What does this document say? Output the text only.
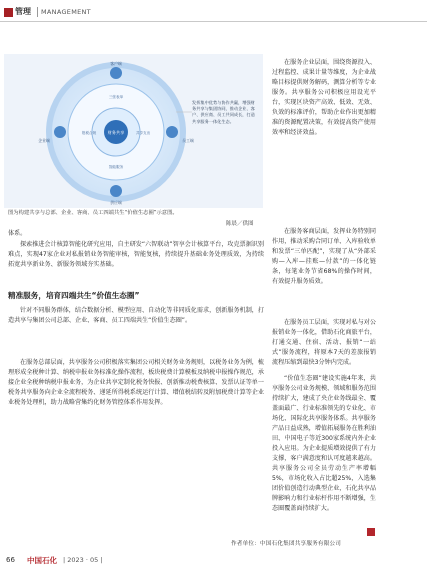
管理 MANAGEMENT
财务共享
客户端
企业端	员工端
供应端
三张表单
报税合规	共享支出
智能服务
发挥集中优势与协作共赢，增强财务共享与集团协同，推动企业、客户、供应商、员工共同成长，打造共享服务一体化生态。
图为构建共享与总部、企业、客商、员工四端共生“价值生态圈”示意图。
陈晨／供图
体系。
探索推进会计核算智能化研究应用，自主研发“六智联动”智享会计核算平台，攻克票据识别难点，实现47家企业对私报销业务智能审核，智能复核，持续提升基础业务处理质效，为持续拓宽共享新业务、新服务领域夯实基础。
精准服务，培育四端共生“价值生态圈”
针对不同服务群体，结合数据分析、模型应用、自动化等非同质化需求，创新服务机制，打造共享与集团公司总部、企业、客商、员工四端共生“价值生态圈”。
在服务总部层面，共享服务公司积极落实集团公司相关财务业务规则，以税务业务为例，梳理形成全税种计算、纳税申报业务标准化操作流程，板块税费计算模板及纳税申报操作规范，承接企业全税种纳税申报业务，为企业共享定制化税务快报、创新推动税费核算、发票认证等单一税务共享服务向企业全流程税务、递延所得税系统运行计算、增值税结转及附加税费计算等企业业税务处理机，助力战略营集约化财务管控体系作用发挥。
在服务企业层面，围绕资源投入、过程监控、成果计量等维度，为企业战略目标提供财务解码，测算分析等专业服务。共享服务公司积极应用设光平台，实现区块资产高效、低效、无效、负效的标准评价，帮助企业作出更加精准的资源配置决策，有效提高资产使用效率和经济效益。
在服务客商层面，发挥业务特别同作用，推动采购合同订单、入库验收单和发票“三单匹配”，实现了从“外部采购—入库—挂账—付款”的一体化链条，每笔业务节省68%的操作时间，有效提升服务质效。
在服务员工层面，实现对私与对公报销业务一体化，借助石化商旅平台，打通交通、住宿、活动、报销“一站式”服务流程，将原本7天的差旅报销流程压缩到最快3分钟内完成。
“价值生态圈”建设实施4年来，共享服务公司业务规模、领域和服务范围持续扩大，建成了央企业务线最全、覆盖面最广、行业标准领先的专业化、市场化、国际化共享服务体系。共享服务产品日益成熟，增值拓展服务在胜利油田、中国电子等近300家系统内外企业投入应用。为企业提质增效提供了有力支撑，客户满意度和认可度越来越高。共享服务公司全员劳动生产率增幅5%，市场化收入占比超25%，入选集团价值创造行动典型企业，石化共享品牌影响力和行业标杆作用不断增强，生态圈覆盖面持续扩大。
作者单位：中国石化集团共享服务有限公司
66 中国石化 | 2023 · 05 |
